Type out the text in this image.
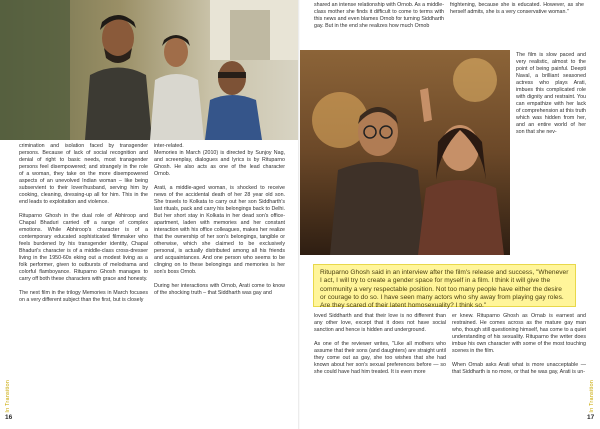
crimination and isolation faced by transgender persons. Because of lack of social recognition and denial of right to basic needs, most transgender persons feel disempowered; and strangely in the role of a woman, they take on the more disempowered aspects of an unevolved Indian woman – like being subservient to their lover/husband, serving him by cooking, cleaning, dressing-up all for him. This in the end leads to exploitation and violence.

Rituparno Ghosh in the dual role of Abhiroop and Chapal Bhaduri carried off a range of complex emotions. While Abhiroop's character is of a contemporary educated sophisticated filmmaker who feels burdened by his transgender identity, Chapal Bhaduri's character is of a middle-class cross-dresser living in the 1950-60s eking out a modest living as a folk performer, given to outbursts of melodrama and colorful flamboyance. Rituparno Ghosh manages to carry off both these characters with grace and honesty.

The next film in the trilogy Memories in March focuses on a very different subject than the first, but is closely

inter-related.

Memories in March (2010) is directed by Sunjoy Nag, and screenplay, dialogues and lyrics is by Rituparno Ghosh. He also acts as one of the lead character Ornob.

Arati, a middle-aged woman, is shocked to receive news of the accidental death of her 28 year old son. She travels to Kolkata to carry out her son Siddharth's last rituals, pack and carry his belongings back to Delhi. But her short stay in Kolkata in her dead son's office-apartment, laden with memories and her constant interaction with his office colleagues, makes her realize that the ownership of her son's belongings, tangible or otherwise, which she claimed to be exclusively personal, is actually distributed among all his friends and acquaintances. And one person who seems to be clinging on to these belongings and memories is her son's boss Ornob.

During her interactions with Ornob, Arati come to know of the shocking truth – that Siddharth was gay and

In Transition
16

shared an intense relationship with Ornob. As a middle-class mother she finds it difficult to come to terms with this news and even blames Ornob for turning Siddharth gay. But in the end she realizes how much Ornob

frightening, because she is educated. However, as she herself admits, she is a very conservative woman."

The film is slow paced and very realistic, almost to the point of being painful. Deepti Naval, a brilliant seasoned actress who plays Arati, imbues this complicated role with dignity and restraint. You can empathize with her lack of comprehension at this truth which was hidden from her, and an entire world of her son that she nev-

loved Siddharth and that their love is no different than any other love, except that it does not have social sanction and hence is hidden and underground.

As one of the reviewer writes, "Like all mothers who assume that their sons (and daughters) are straight until they come out as gay, she too wishes that she had known about her son's sexual preferences before — so she could have had him treated. It is even more

er knew. Rituparno Ghosh as Ornab is earnest and restrained. He comes across as the mature gay man who, though still questioning himself, has come to a quiet understanding of his sexuality. Rituparno the writer does imbue his own character with some of the most touching scenes in the film.

When Ornab asks Arati what is more unacceptable — that Siddharth is no more, or that he was gay, Arati is un-

In Transition
17
Rituparno Ghosh said in an interview after the film's release and success, "Whenever I act, I will try to create a gender space for myself in a film. I think it will give the community a very respectable position. Not too many people have either the desire or courage to do so. I have seen many actors who shy away from playing gay roles. Are they scared of their latent homosexuality? I think so."
